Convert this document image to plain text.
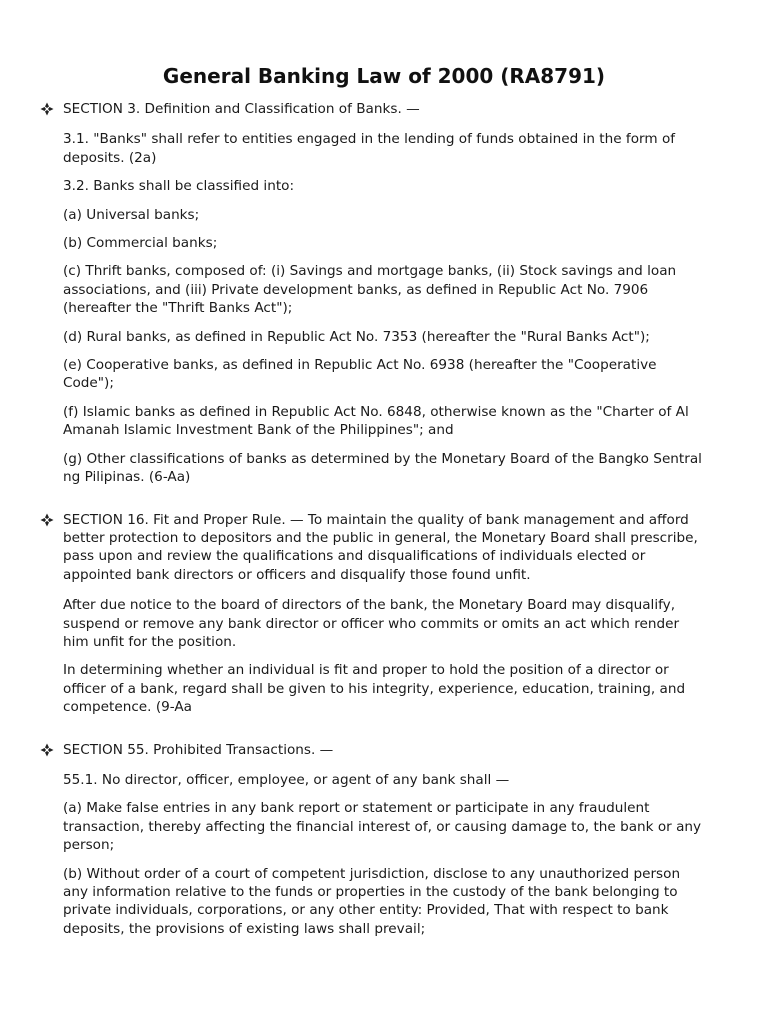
General Banking Law of 2000 (RA8791)

SECTION 3. Definition and Classification of Banks. —

3.1. "Banks" shall refer to entities engaged in the lending of funds obtained in the form of deposits. (2a)

3.2. Banks shall be classified into:

(a) Universal banks;

(b) Commercial banks;

(c) Thrift banks, composed of: (i) Savings and mortgage banks, (ii) Stock savings and loan associations, and (iii) Private development banks, as defined in Republic Act No. 7906 (hereafter the "Thrift Banks Act");

(d) Rural banks, as defined in Republic Act No. 7353 (hereafter the "Rural Banks Act");

(e) Cooperative banks, as defined in Republic Act No. 6938 (hereafter the "Cooperative Code");

(f) Islamic banks as defined in Republic Act No. 6848, otherwise known as the "Charter of Al Amanah Islamic Investment Bank of the Philippines"; and

(g) Other classifications of banks as determined by the Monetary Board of the Bangko Sentral ng Pilipinas. (6-Aa)

SECTION 16. Fit and Proper Rule. — To maintain the quality of bank management and afford better protection to depositors and the public in general, the Monetary Board shall prescribe, pass upon and review the qualifications and disqualifications of individuals elected or appointed bank directors or officers and disqualify those found unfit.

After due notice to the board of directors of the bank, the Monetary Board may disqualify, suspend or remove any bank director or officer who commits or omits an act which render him unfit for the position.

In determining whether an individual is fit and proper to hold the position of a director or officer of a bank, regard shall be given to his integrity, experience, education, training, and competence. (9-Aa

SECTION 55. Prohibited Transactions. —

55.1. No director, officer, employee, or agent of any bank shall —

(a) Make false entries in any bank report or statement or participate in any fraudulent transaction, thereby affecting the financial interest of, or causing damage to, the bank or any person;

(b) Without order of a court of competent jurisdiction, disclose to any unauthorized person any information relative to the funds or properties in the custody of the bank belonging to private individuals, corporations, or any other entity: Provided, That with respect to bank deposits, the provisions of existing laws shall prevail;
